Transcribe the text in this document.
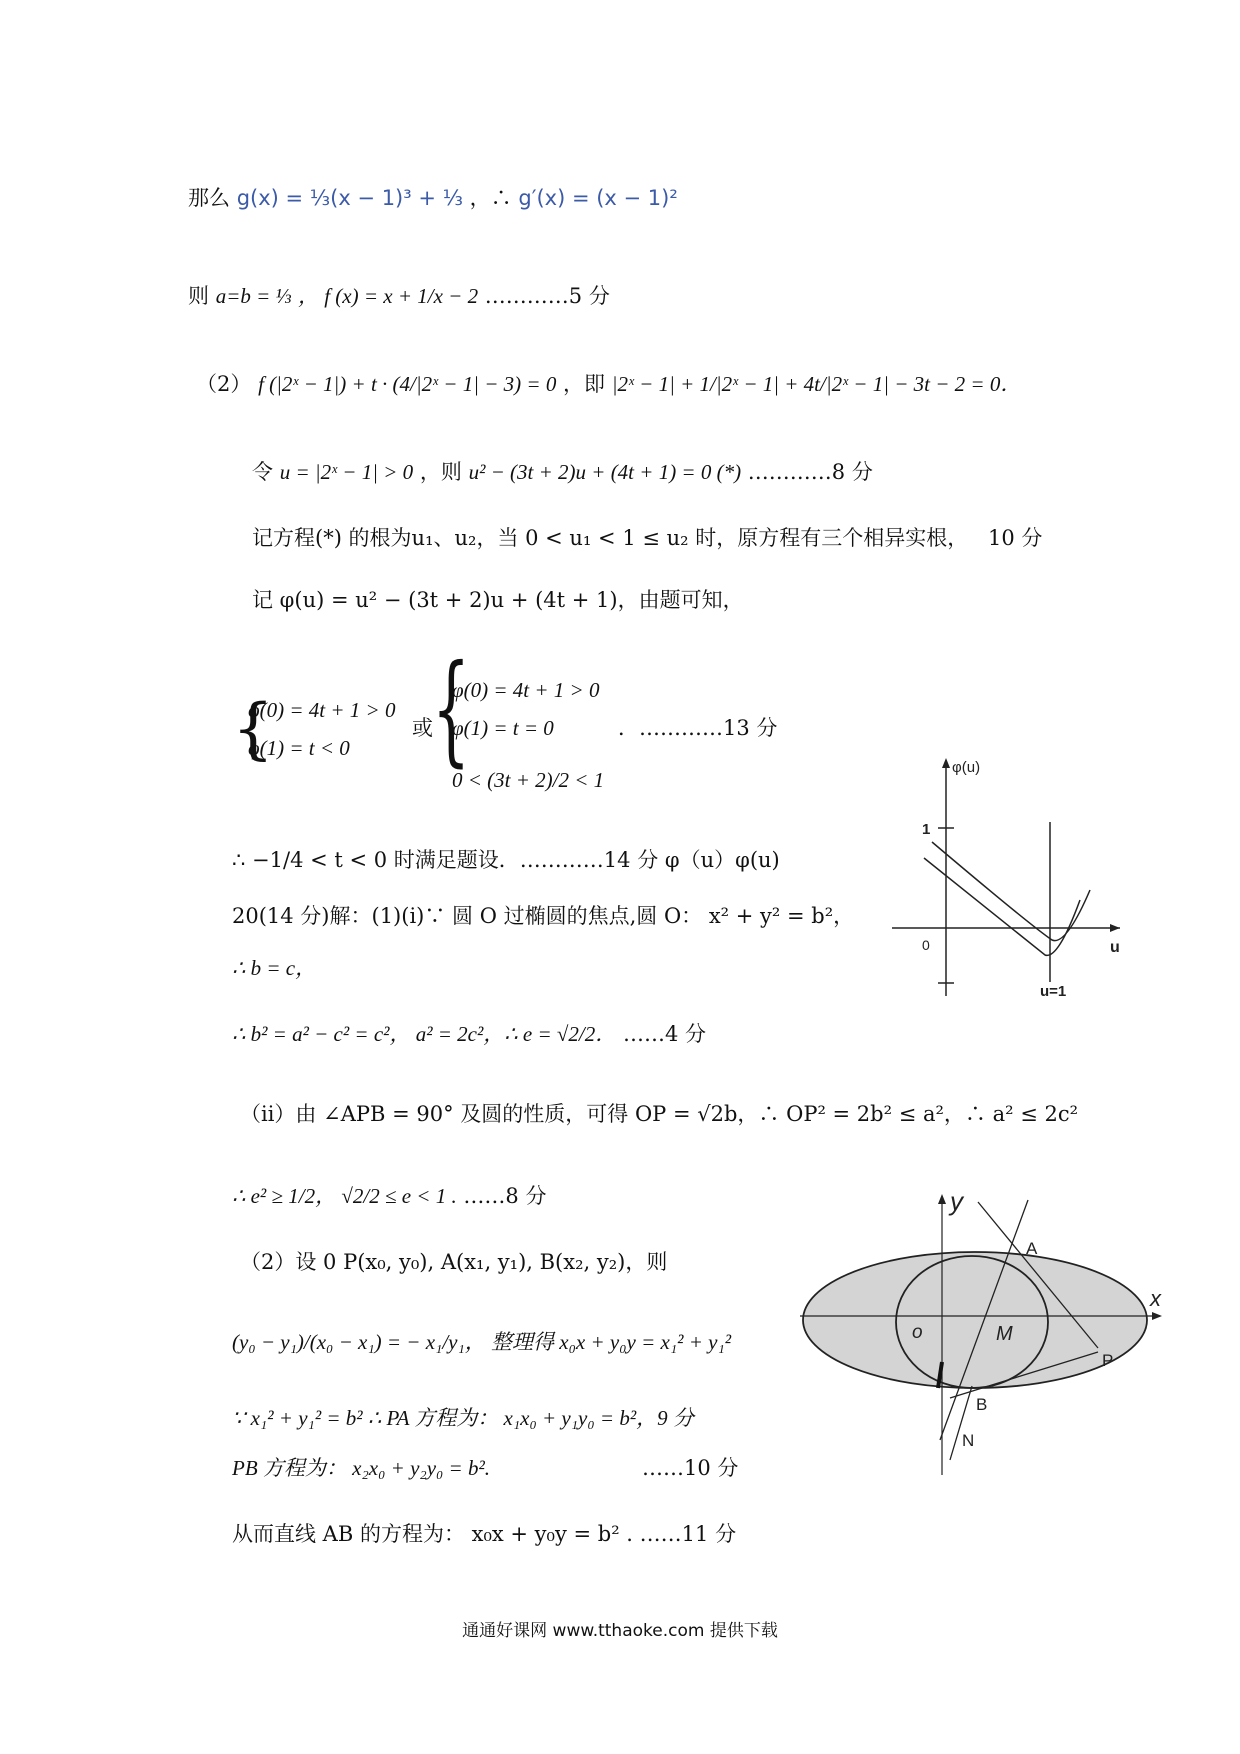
那么 g(x) = ⅓(x − 1)³ + ⅓ ，∴ g′(x) = (x − 1)²
则 a=b = ⅓ ， f (x) = x + 1/x − 2 …………5 分
（2） f (|2ˣ − 1|) + t · (4/|2ˣ − 1| − 3) = 0 ，即 |2ˣ − 1| + 1/|2ˣ − 1| + 4t/|2ˣ − 1| − 3t − 2 = 0．
令 u = |2ˣ − 1| > 0 ，则 u² − (3t + 2)u + (4t + 1) = 0 (*) …………8 分
记方程(*) 的根为u₁、u₂，当 0 < u₁ < 1 ≤ u₂ 时，原方程有三个相异实根， 10 分
记 φ(u) = u² − (3t + 2)u + (4t + 1)，由题可知，
{
φ(0) = 4t + 1 > 0
φ(1) = t < 0
或 {
φ(0) = 4t + 1 > 0
φ(1) = t = 0
0 < (3t + 2)/2 < 1
．…………13 分
∴ −1/4 < t < 0 时满足题设．…………14 分 φ（u）φ(u)
20(14 分)解：(1)(ⅰ)∵ 圆 O 过椭圆的焦点,圆 O： x² + y² = b²，
∴ b = c，
∴ b² = a² − c² = c²， a² = 2c²，∴ e = √2/2． ……4 分
（ⅱ）由 ∠APB = 90° 及圆的性质，可得 OP = √2b，∴ OP² = 2b² ≤ a²，∴ a² ≤ 2c²
∴ e² ≥ 1/2， √2/2 ≤ e < 1 . ……8 分
（2）设 0 P(x₀, y₀), A(x₁, y₁), B(x₂, y₂)，则
(y₀ − y₁)/(x₀ − x₁) = − x₁/y₁， 整理得 x₀x + y₀y = x₁² + y₁²
∵ x₁² + y₁² = b² ∴ PA 方程为： x₁x₀ + y₁y₀ = b²，9 分
PB 方程为： x₂x₀ + y₂y₀ = b².	……10 分
从而直线 AB 的方程为： x₀x + y₀y = b² . ……11 分
φ(u)
1
0	u
u=1
y
x
o
A
M
P
B
N
通通好课网 www.tthaoke.com 提供下载
